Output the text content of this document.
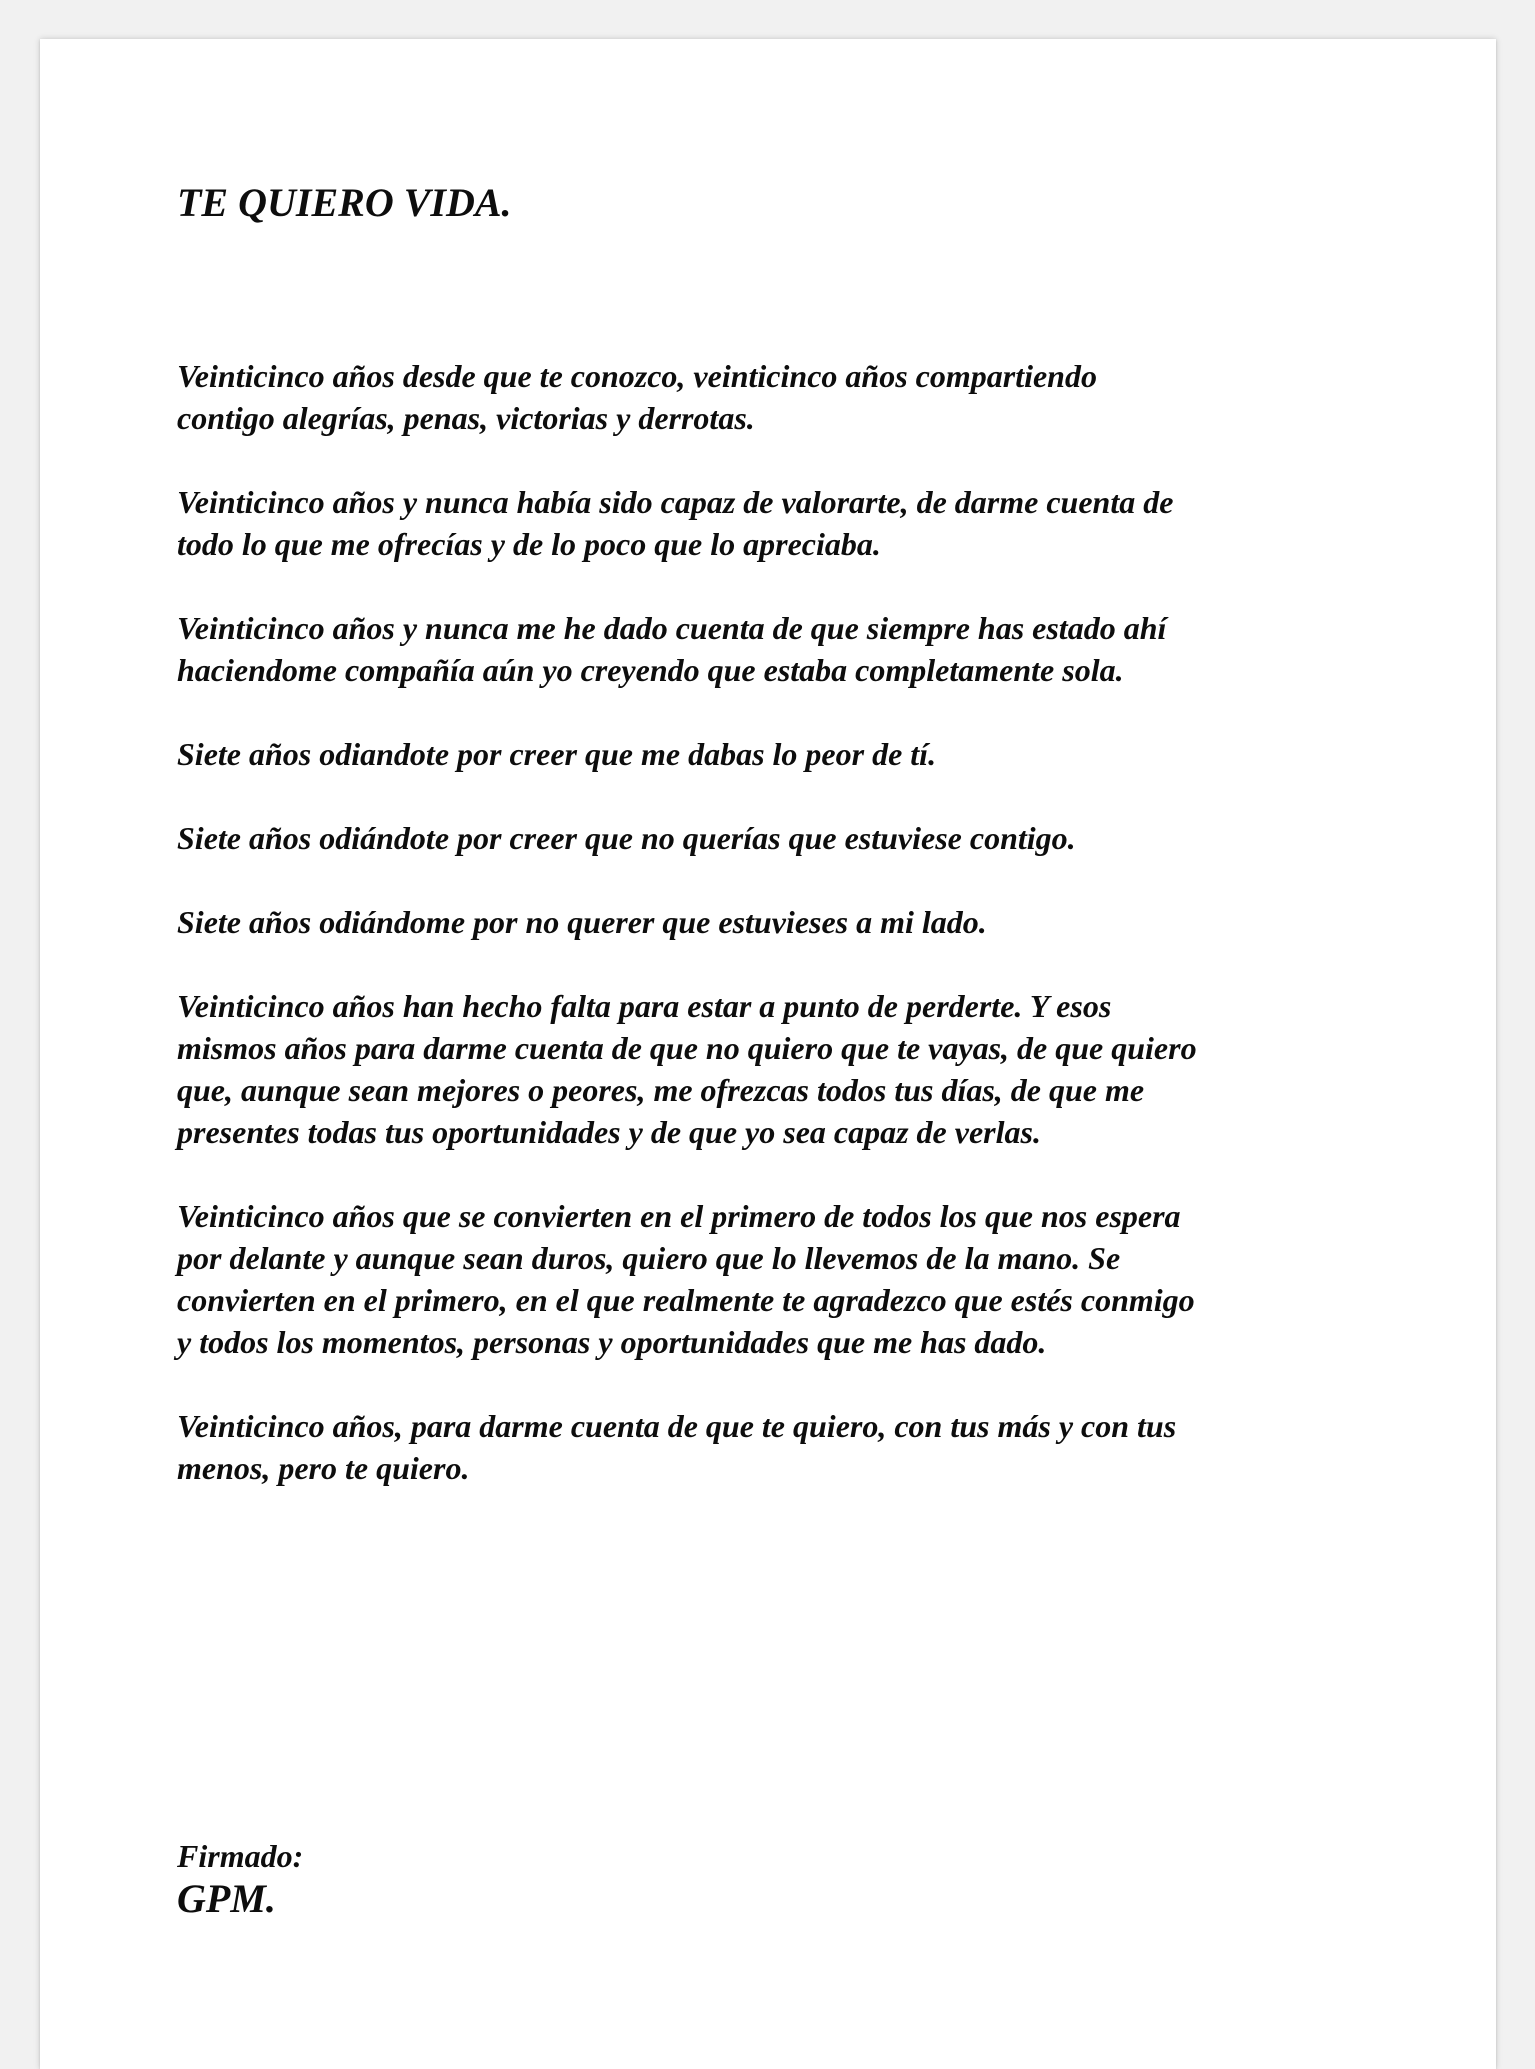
TE QUIERO VIDA.

Veinticinco años desde que te conozco, veinticinco años compartiendo
contigo alegrías, penas, victorias y derrotas.

Veinticinco años y nunca había sido capaz de valorarte, de darme cuenta de
todo lo que me ofrecías y de lo poco que lo apreciaba.

Veinticinco años y nunca me he dado cuenta de que siempre has estado ahí
haciendome compañía aún yo creyendo que estaba completamente sola.

Siete años odiandote por creer que me dabas lo peor de tí.

Siete años odiándote por creer que no querías que estuviese contigo.

Siete años odiándome por no querer que estuvieses a mi lado.

Veinticinco años han hecho falta para estar a punto de perderte. Y esos
mismos años para darme cuenta de que no quiero que te vayas, de que quiero
que, aunque sean mejores o peores, me ofrezcas todos tus días, de que me
presentes todas tus oportunidades y de que yo sea capaz de verlas.

Veinticinco años que se convierten en el primero de todos los que nos espera
por delante y aunque sean duros, quiero que lo llevemos de la mano. Se
convierten en el primero, en el que realmente te agradezco que estés conmigo
y todos los momentos, personas y oportunidades que me has dado.

Veinticinco años, para darme cuenta de que te quiero, con tus más y con tus
menos, pero te quiero.

Firmado:

GPM.
